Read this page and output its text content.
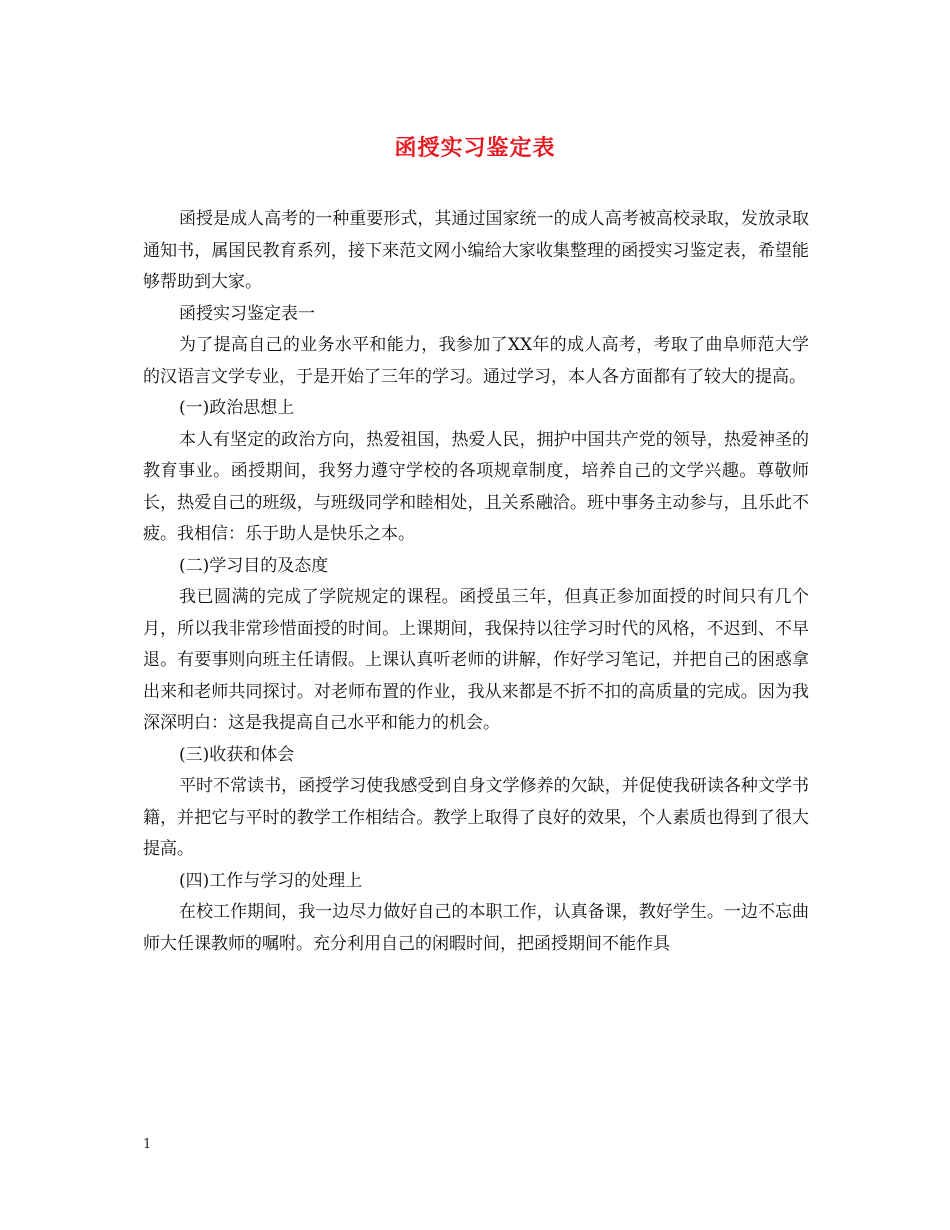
函授实习鉴定表

函授是成人高考的一种重要形式，其通过国家统一的成人高考被高校录取，发放录取通知书，属国民教育系列，接下来范文网小编给大家收集整理的函授实习鉴定表，希望能够帮助到大家。

函授实习鉴定表一

为了提高自己的业务水平和能力，我参加了XX年的成人高考，考取了曲阜师范大学的汉语言文学专业，于是开始了三年的学习。通过学习，本人各方面都有了较大的提高。

(一)政治思想上

本人有坚定的政治方向，热爱祖国，热爱人民，拥护中国共产党的领导，热爱神圣的教育事业。函授期间，我努力遵守学校的各项规章制度，培养自己的文学兴趣。尊敬师长，热爱自己的班级，与班级同学和睦相处，且关系融洽。班中事务主动参与，且乐此不疲。我相信：乐于助人是快乐之本。

(二)学习目的及态度

我已圆满的完成了学院规定的课程。函授虽三年，但真正参加面授的时间只有几个月，所以我非常珍惜面授的时间。上课期间，我保持以往学习时代的风格，不迟到、不早退。有要事则向班主任请假。上课认真听老师的讲解，作好学习笔记，并把自己的困惑拿出来和老师共同探讨。对老师布置的作业，我从来都是不折不扣的高质量的完成。因为我深深明白：这是我提高自己水平和能力的机会。

(三)收获和体会

平时不常读书，函授学习使我感受到自身文学修养的欠缺，并促使我研读各种文学书籍，并把它与平时的教学工作相结合。教学上取得了良好的效果，个人素质也得到了很大提高。

(四)工作与学习的处理上

在校工作期间，我一边尽力做好自己的本职工作，认真备课，教好学生。一边不忘曲师大任课教师的嘱咐。充分利用自己的闲暇时间，把函授期间不能作具

1
